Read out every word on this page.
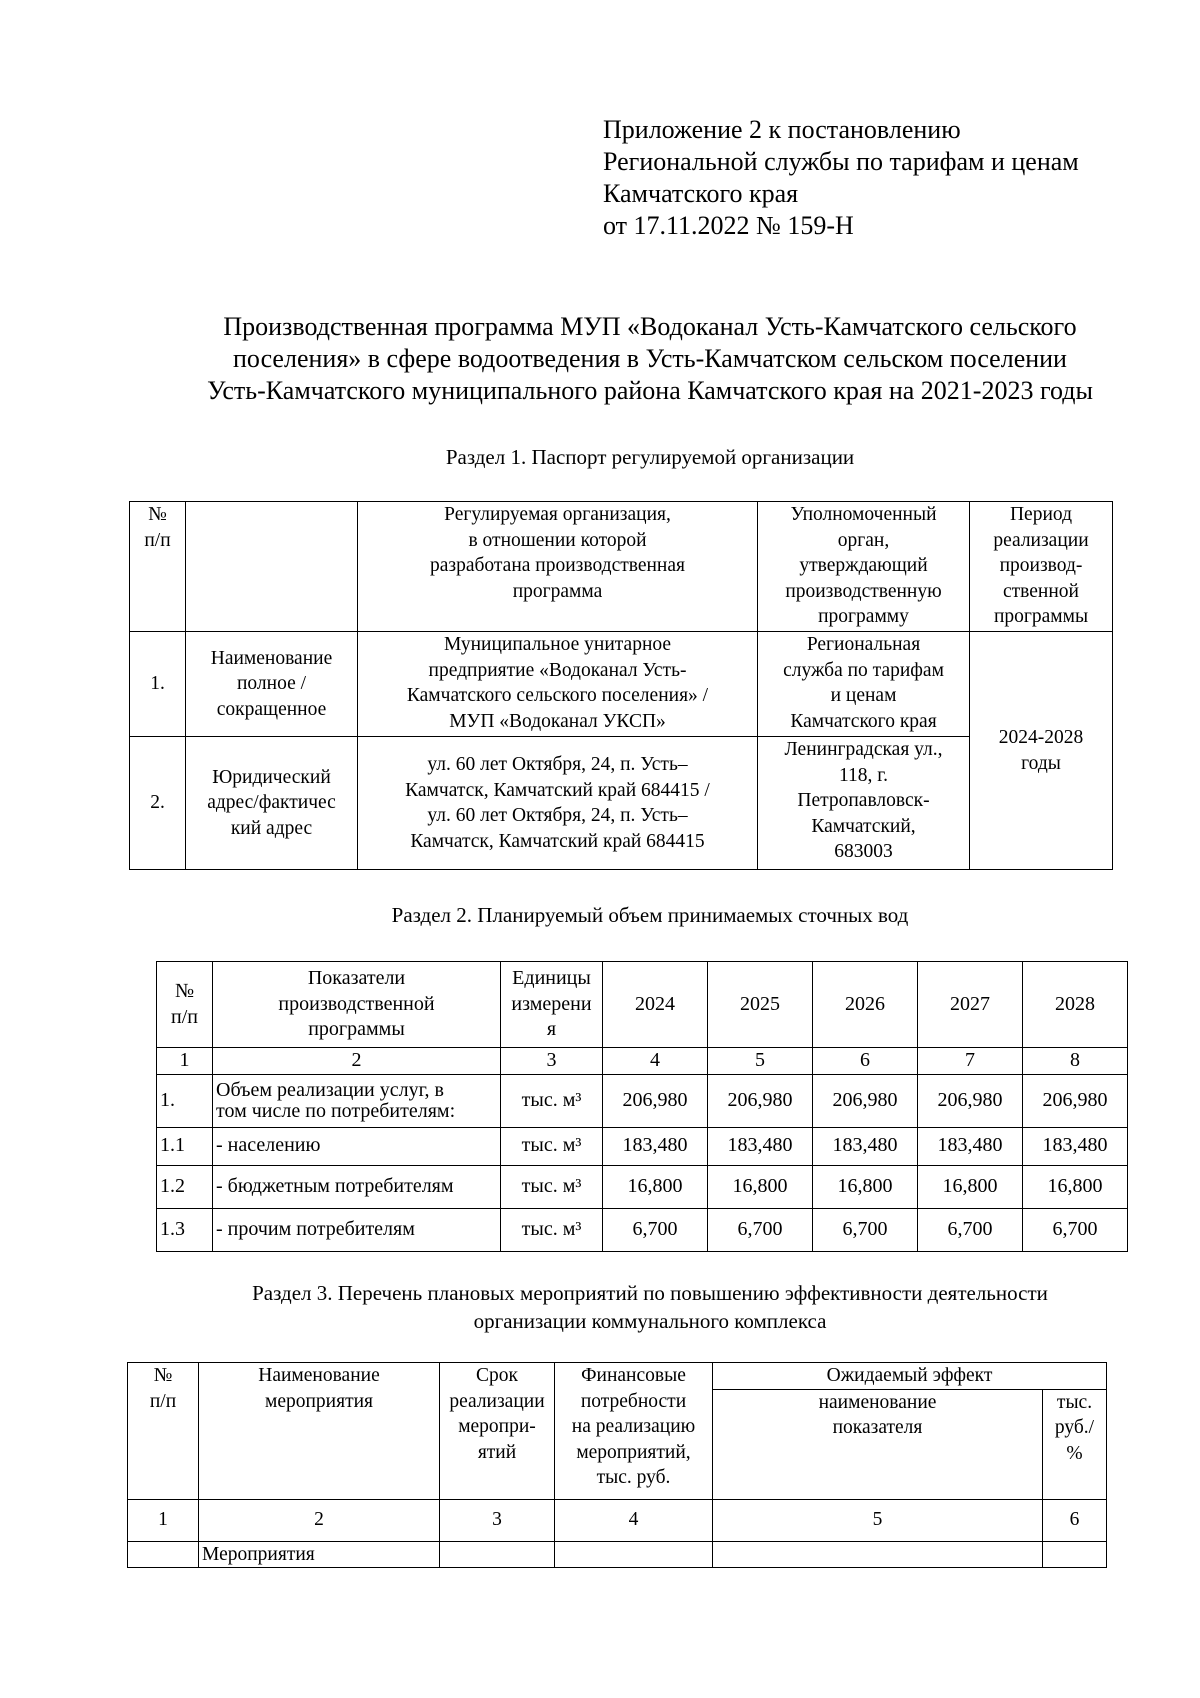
Приложение 2 к постановлению
Региональной службы по тарифам и ценам
Камчатского края
от 17.11.2022 № 159-Н
Производственная программа МУП «Водоканал Усть-Камчатского сельского
поселения» в сфере водоотведения в Усть-Камчатском сельском поселении
Усть-Камчатского муниципального района Камчатского края на 2021-2023 годы
Раздел 1. Паспорт регулируемой организации
№
п/п		Регулируемая организация,
в отношении которой
разработана производственная
программа	Уполномоченный
орган,
утверждающий
производственную
программу	Период
реализации
производ-
ственной
программы
1.	Наименование
полное /
сокращенное	Муниципальное унитарное
предприятие «Водоканал Усть-
Камчатского сельского поселения» /
МУП «Водоканал УКСП»	Региональная
служба по тарифам
и ценам
Камчатского края	2024-2028
годы
2.	Юридический
адрес/фактичес
кий адрес	ул. 60 лет Октября, 24, п. Усть–
Камчатск, Камчатский край 684415 /
ул. 60 лет Октября, 24, п. Усть–
Камчатск, Камчатский край 684415	Ленинградская ул.,
118, г.
Петропавловск-
Камчатский,
683003	
Раздел 2. Планируемый объем принимаемых сточных вод
№
п/п	Показатели
производственной
программы	Единицы
измерени
я	2024	2025	2026	2027	2028
1	2	3	4	5	6	7	8
1.	Объем реализации услуг, в
том числе по потребителям:	тыс. м³	206,980	206,980	206,980	206,980	206,980
1.1	- населению	тыс. м³	183,480	183,480	183,480	183,480	183,480
1.2	- бюджетным потребителям	тыс. м³	16,800	16,800	16,800	16,800	16,800
1.3	- прочим потребителям	тыс. м³	6,700	6,700	6,700	6,700	6,700
Раздел 3. Перечень плановых мероприятий по повышению эффективности деятельности
организации коммунального комплекса
№
п/п	Наименование
мероприятия	Срок
реализации
меропри-
ятий	Финансовые
потребности
на реализацию
мероприятий,
тыс. руб.	Ожидаемый эффект	
				наименование
показателя	тыс.
руб./
%
1	2	3	4	5	6
	Мероприятия				
